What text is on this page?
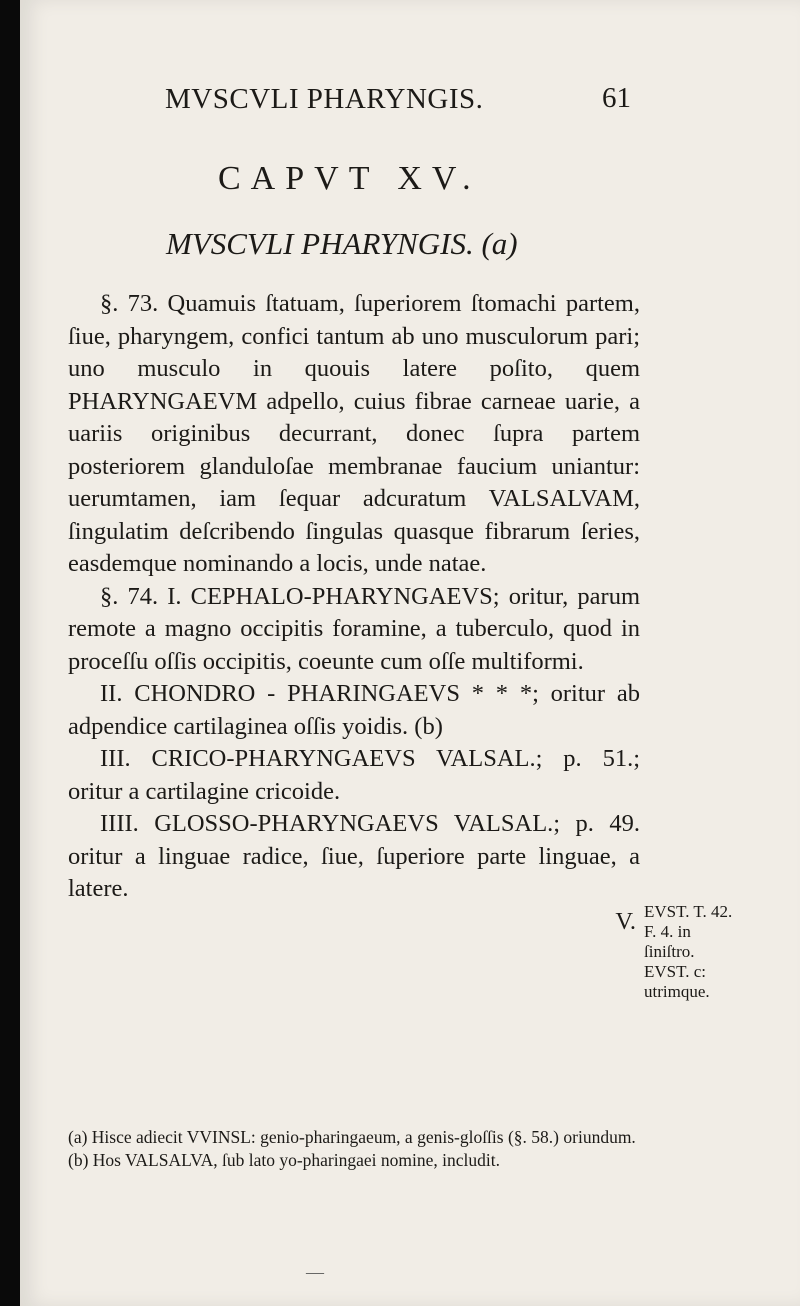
MVSCVLI PHARYNGIS.	61
CAPVT XV.
MVSCVLI PHARYNGIS. (a)

§. 73. Quamuis ſtatuam, ſuperiorem ſtomachi partem, ſiue, pharyngem, confici tantum ab uno musculorum pari; uno musculo in quouis latere poſito, quem PHARYNGAEVM adpello, cuius fibrae carneae uarie, a uariis originibus decurrant, donec ſupra partem posteriorem glanduloſae membranae faucium uniantur: uerumtamen, iam ſequar adcuratum VALSALVAM, ſingulatim deſcribendo ſingulas quasque fibrarum ſeries, easdemque nominando a locis, unde natae.

§. 74. I. CEPHALO-PHARYNGAEVS; oritur, parum remote a magno occipitis foramine, a tuberculo, quod in proceſſu oſſis occipitis, coeunte cum oſſe multiformi.

II. CHONDRO - PHARINGAEVS * * *; oritur ab adpendice cartilaginea oſſis yoidis. (b)

III. CRICO-PHARYNGAEVS VALSAL.; p. 51.; oritur a cartilagine cricoide.

IIII. GLOSSO-PHARYNGAEVS VALSAL.; p. 49. oritur a linguae radice, ſiue, ſuperiore parte linguae, a latere.

V. EVST. T. 42. F. 4. in ſiniſtro. EVST. c: utrimque.

(a) Hisce adiecit VVINSL: genio-pharingaeum, a genis-gloſſis (§. 58.) oriundum.

(b) Hos VALSALVA, ſub lato yo-pharingaei nomine, includit.

—
